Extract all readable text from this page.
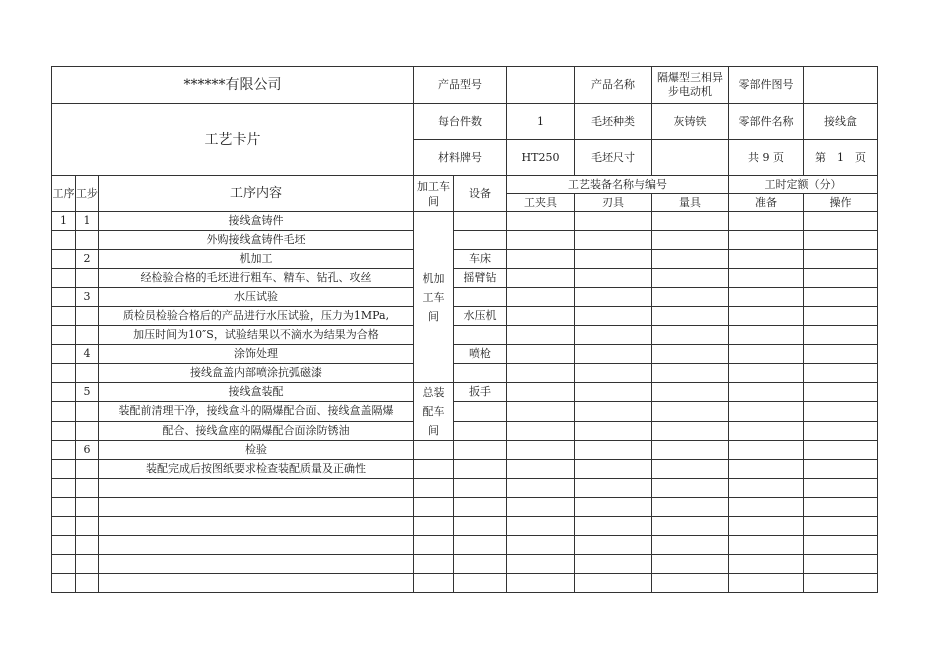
******有限公司			产品型号			产品名称	隔爆型三相异步电动机	零部件图号	
工艺卡片			每台件数		1	毛坯种类	灰铸铁	零部件名称	接线盒
			材料牌号		HT250	毛坯尺寸		共 9 页	第　1　页
工序	工步	工序内容	加工车间	设备	工艺装备名称与编号			工时定额（分）	
					工夹具	刃具	量具	准备	操作
1	1	接线盒铸件	机加工车间						
		外购接线盒铸件毛坯							
	2	机加工		车床					
		经检验合格的毛坯进行粗车、精车、钻孔、攻丝		摇臂钻					
	3	水压试验							
		质检员检验合格后的产品进行水压试验，压力为1MPa,		水压机					
		加压时间为10″S，试验结果以不滴水为结果为合格							
	4	涂饰处理		喷枪					
		接线盒盖内部喷涂抗弧磁漆							
	5	接线盒装配	总装配车间	扳手					
		装配前清理干净，接线盒斗的隔爆配合面、接线盒盖隔爆							
		配合、接线盒座的隔爆配合面涂防锈油							
	6	检验							
		装配完成后按图纸要求检查装配质量及正确性							
